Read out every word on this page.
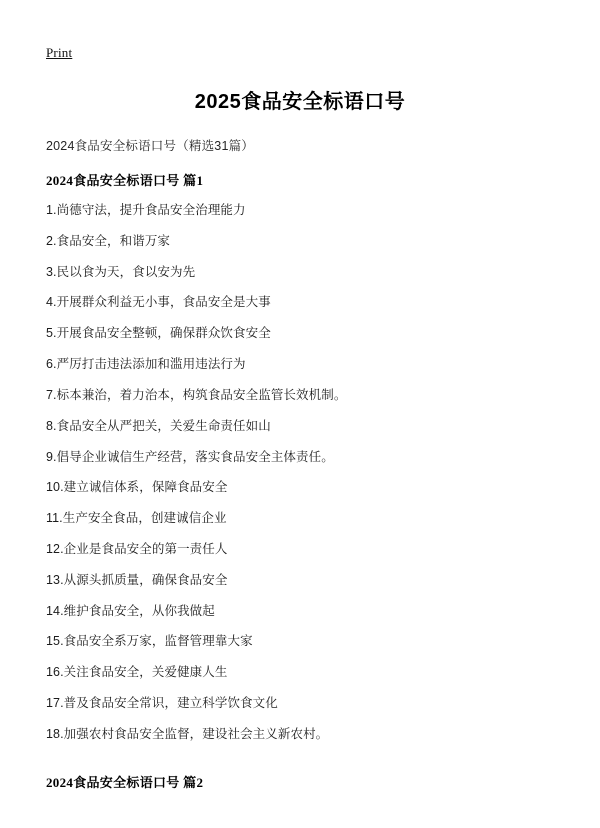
Print
2025食品安全标语口号
2024食品安全标语口号（精选31篇）
2024食品安全标语口号 篇1

1.尚德守法，提升食品安全治理能力

2.食品安全，和谐万家

3.民以食为天，食以安为先

4.开展群众利益无小事，食品安全是大事

5.开展食品安全整顿，确保群众饮食安全

6.严厉打击违法添加和滥用违法行为

7.标本兼治，着力治本，构筑食品安全监管长效机制。

8.食品安全从严把关，关爱生命责任如山

9.倡导企业诚信生产经营，落实食品安全主体责任。

10.建立诚信体系，保障食品安全

11.生产安全食品，创建诚信企业

12.企业是食品安全的第一责任人

13.从源头抓质量，确保食品安全

14.维护食品安全，从你我做起

15.食品安全系万家，监督管理靠大家

16.关注食品安全，关爱健康人生

17.普及食品安全常识，建立科学饮食文化

18.加强农村食品安全监督，建设社会主义新农村。

2024食品安全标语口号 篇2
